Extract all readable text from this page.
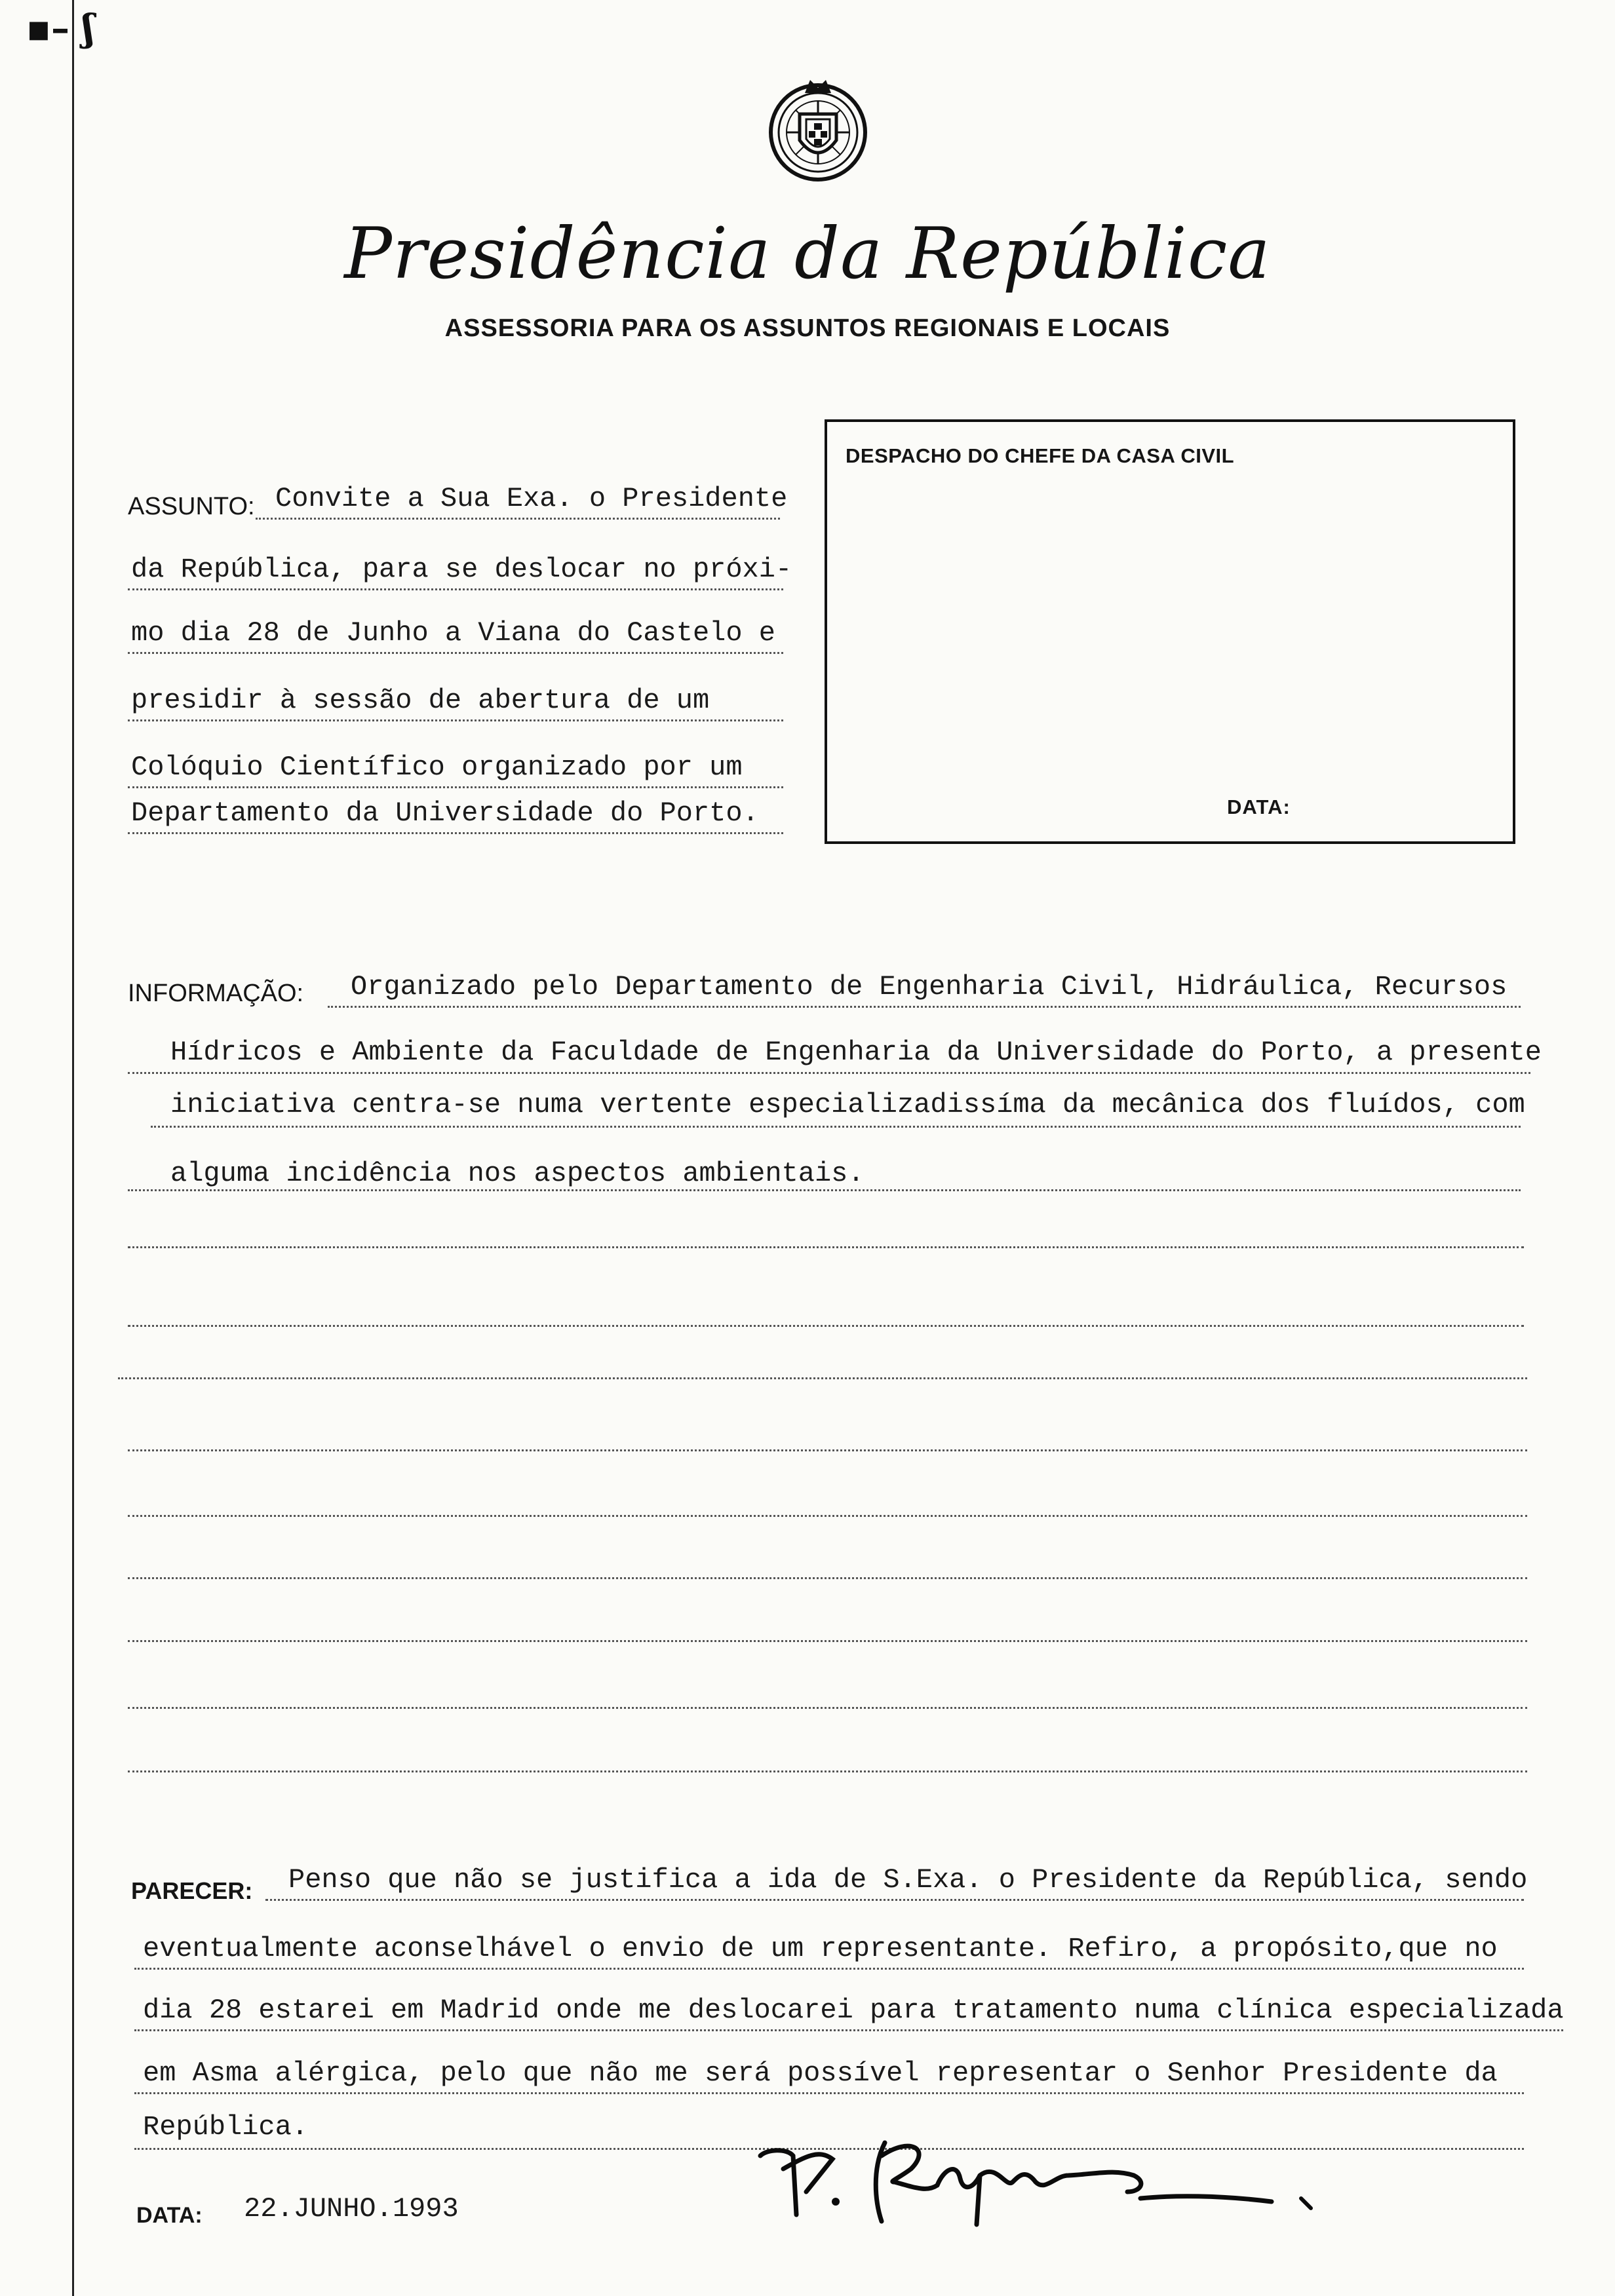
▪– ʃ
Presidência da República
ASSESSORIA PARA OS ASSUNTOS REGIONAIS E LOCAIS
DESPACHO DO CHEFE DA CASA CIVIL
DATA:
ASSUNTO: Convite a Sua Exa. o Presidente
da República, para se deslocar no próxi-
mo dia 28 de Junho a Viana do Castelo e
presidir à sessão de abertura de um
Colóquio Científico organizado por um
Departamento da Universidade do Porto.
INFORMAÇÃO: Organizado pelo Departamento de Engenharia Civil, Hidráulica, Recursos
Hídricos e Ambiente da Faculdade de Engenharia da Universidade do Porto, a presente
iniciativa centra-se numa vertente especializadissíma da mecânica dos fluídos, com
alguma incidência nos aspectos ambientais.
PARECER: Penso que não se justifica a ida de S.Exa. o Presidente da República, sendo
eventualmente aconselhável o envio de um representante. Refiro, a propósito,que no
dia 28 estarei em Madrid onde me deslocarei para tratamento numa clínica especializada
em Asma alérgica, pelo que não me será possível representar o Senhor Presidente da
República.
DATA: 22.JUNHO.1993
